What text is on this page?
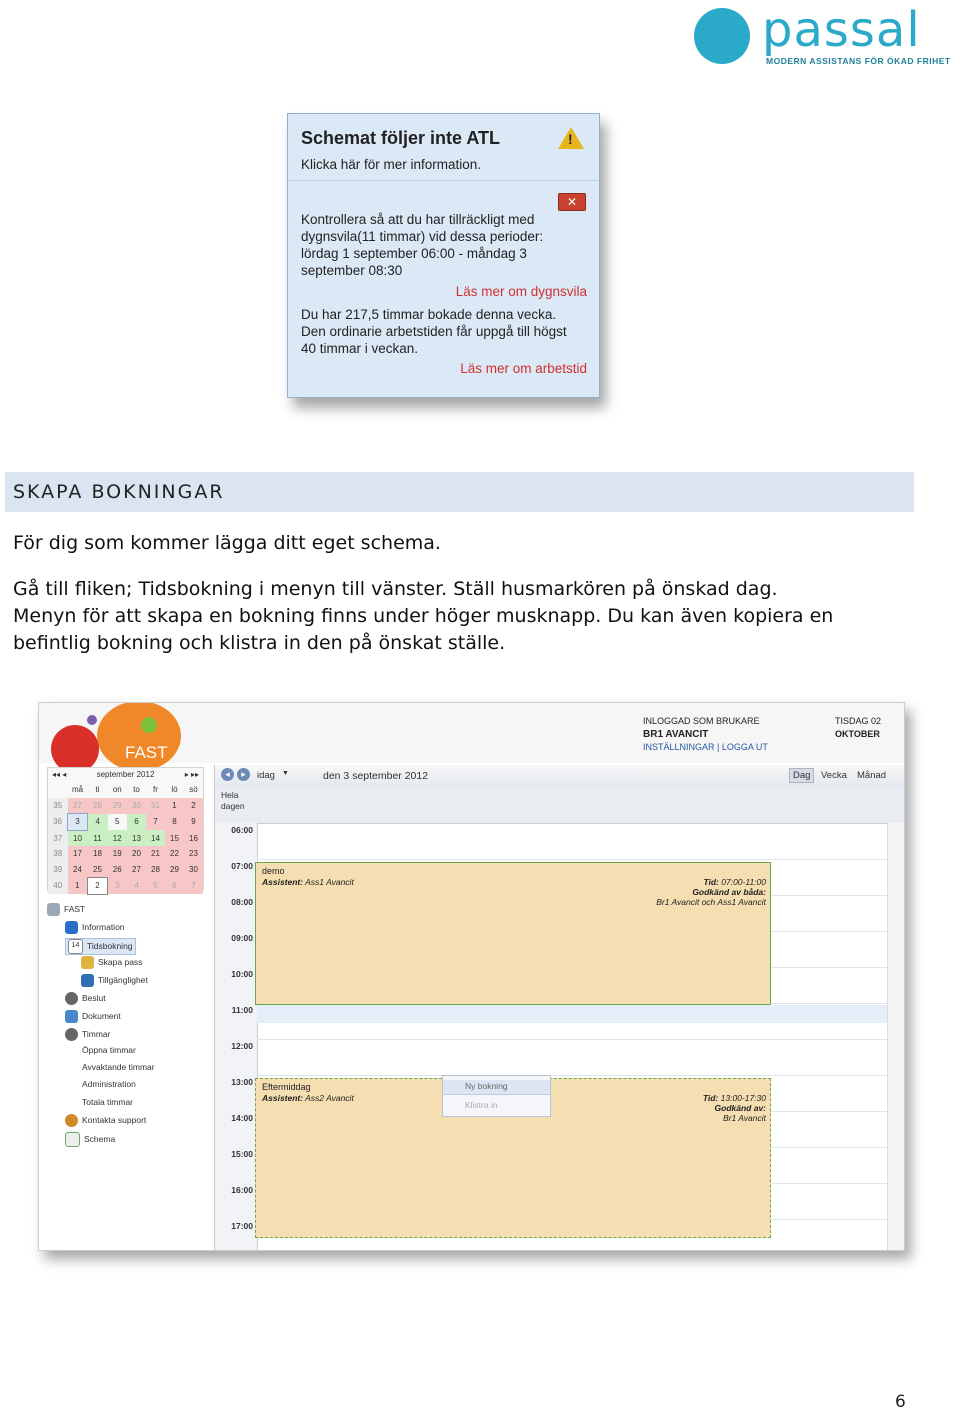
passal
MODERN ASSISTANS FÖR ÖKAD FRIHET
Schemat följer inte ATL
Klicka här för mer information.
!
✕
Kontrollera så att du har tillräckligt med
dygnsvila(11 timmar) vid dessa perioder:
lördag 1 september 06:00 - måndag 3
september 08:30
Läs mer om dygnsvila
Du har 217,5 timmar bokade denna vecka.
Den ordinarie arbetstiden får uppgå till högst
40 timmar i veckan.
Läs mer om arbetstid
SKAPA BOKNINGAR
För dig som kommer lägga ditt eget schema.
Gå till fliken; Tidsbokning i menyn till vänster. Ställ husmarkören på önskad dag.
Menyn för att skapa en bokning finns under höger musknapp. Du kan även kopiera en
befintlig bokning och klistra in den på önskat ställe.
FAST
INLOGGAD SOM BRUKARE
BR1 AVANCIT
INSTÄLLNINGAR | LOGGA UT
TISDAG 02
OKTOBER
◂◂ ◂	september 2012	▸ ▸▸
	må	ti	on	to	fr	lö	sö
35	27	28	29	30	31	1	2
36	3	4	5	6	7	8	9
37	10	11	12	13	14	15	16
38	17	18	19	20	21	22	23
39	24	25	26	27	28	29	30
40	1	2	3	4	5	6	7
FAST
Information
14 Tidsbokning
Skapa pass
Tillgänglighet
Beslut
Dokument
Timmar
Öppna timmar
Avvaktande timmar
Administration
Totala timmar
Kontakta support
Schema
◂	▸	idag ▼	den 3 september 2012	Dag	Vecka Månad
Hela dagen
06:00
07:00
08:00
09:00
10:00
11:00
12:00
13:00
14:00
15:00
16:00
17:00
demo
Assistent: Ass1 Avancit	Tid: 07:00-11:00
Godkänd av båda:
Br1 Avancit och Ass1 Avancit
Eftermiddag
Assistent: Ass2 Avancit	Tid: 13:00-17:30
Godkänd av:
Br1 Avancit
Ny bokning
Klistra in
6
